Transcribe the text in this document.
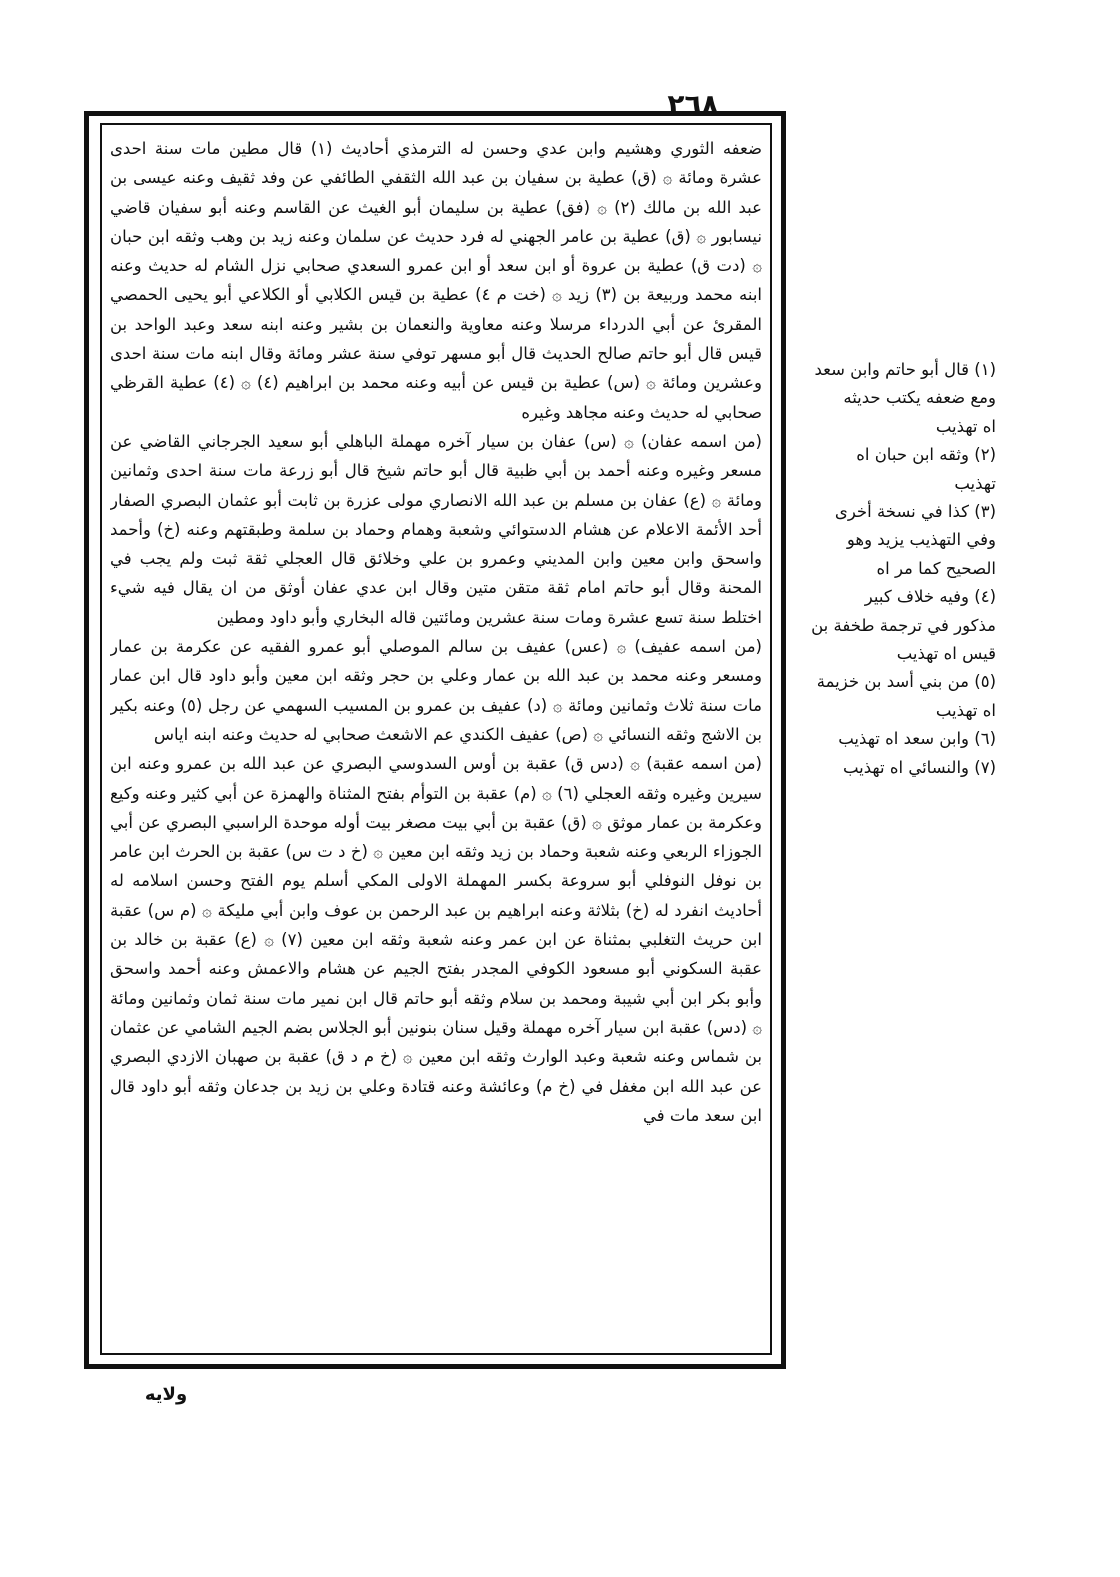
٢٦٨

ضعفه الثوري وهشيم وابن عدي وحسن له الترمذي أحاديث (١) قال مطين مات سنة احدى عشرة ومائة ۞ (ق) عطية بن سفيان بن عبد الله الثقفي الطائفي عن وفد ثقيف وعنه عيسى بن عبد الله بن مالك (٢) ۞ (فق) عطية بن سليمان أبو الغيث عن القاسم وعنه أبو سفيان قاضي نيسابور ۞ (ق) عطية بن عامر الجهني له فرد حديث عن سلمان وعنه زيد بن وهب وثقه ابن حبان ۞ (دت ق) عطية بن عروة أو ابن سعد أو ابن عمرو السعدي صحابي نزل الشام له حديث وعنه ابنه محمد وربيعة بن (٣) زيد ۞ (خت م ٤) عطية بن قيس الكلابي أو الكلاعي أبو يحيى الحمصي المقرئ عن أبي الدرداء مرسلا وعنه معاوية والنعمان بن بشير وعنه ابنه سعد وعبد الواحد بن قيس قال أبو حاتم صالح الحديث قال أبو مسهر توفي سنة عشر ومائة وقال ابنه مات سنة احدى وعشرين ومائة ۞ (س) عطية بن قيس عن أبيه وعنه محمد بن ابراهيم (٤) ۞ (٤) عطية القرظي صحابي له حديث وعنه مجاهد وغيره

(من اسمه عفان) ۞ (س) عفان بن سيار آخره مهملة الباهلي أبو سعيد الجرجاني القاضي عن مسعر وغيره وعنه أحمد بن أبي ظبية قال أبو حاتم شيخ قال أبو زرعة مات سنة احدى وثمانين ومائة ۞ (ع) عفان بن مسلم بن عبد الله الانصاري مولى عزرة بن ثابت أبو عثمان البصري الصفار أحد الأئمة الاعلام عن هشام الدستوائي وشعبة وهمام وحماد بن سلمة وطبقتهم وعنه (خ) وأحمد واسحق وابن معين وابن المديني وعمرو بن علي وخلائق قال العجلي ثقة ثبت ولم يجب في المحنة وقال أبو حاتم امام ثقة متقن متين وقال ابن عدي عفان أوثق من ان يقال فيه شيء اختلط سنة تسع عشرة ومات سنة عشرين ومائتين قاله البخاري وأبو داود ومطين

(من اسمه عفيف) ۞ (عس) عفيف بن سالم الموصلي أبو عمرو الفقيه عن عكرمة بن عمار ومسعر وعنه محمد بن عبد الله بن عمار وعلي بن حجر وثقه ابن معين وأبو داود قال ابن عمار مات سنة ثلاث وثمانين ومائة ۞ (د) عفيف بن عمرو بن المسيب السهمي عن رجل (٥) وعنه بكير بن الاشج وثقه النسائي ۞ (ص) عفيف الكندي عم الاشعث صحابي له حديث وعنه ابنه اياس

(من اسمه عقبة) ۞ (دس ق) عقبة بن أوس السدوسي البصري عن عبد الله بن عمرو وعنه ابن سيرين وغيره وثقه العجلي (٦) ۞ (م) عقبة بن التوأم بفتح المثناة والهمزة عن أبي كثير وعنه وكيع وعكرمة بن عمار موثق ۞ (ق) عقبة بن أبي بيت مصغر بيت أوله موحدة الراسبي البصري عن أبي الجوزاء الربعي وعنه شعبة وحماد بن زيد وثقه ابن معين ۞ (خ د ت س) عقبة بن الحرث ابن عامر بن نوفل النوفلي أبو سروعة بكسر المهملة الاولى المكي أسلم يوم الفتح وحسن اسلامه له أحاديث انفرد له (خ) بثلاثة وعنه ابراهيم بن عبد الرحمن بن عوف وابن أبي مليكة ۞ (م س) عقبة ابن حريث التغلبي بمثناة عن ابن عمر وعنه شعبة وثقه ابن معين (٧) ۞ (ع) عقبة بن خالد بن عقبة السكوني أبو مسعود الكوفي المجدر بفتح الجيم عن هشام والاعمش وعنه أحمد واسحق وأبو بكر ابن أبي شيبة ومحمد بن سلام وثقه أبو حاتم قال ابن نمير مات سنة ثمان وثمانين ومائة ۞ (دس) عقبة ابن سيار آخره مهملة وقيل سنان بنونين أبو الجلاس بضم الجيم الشامي عن عثمان بن شماس وعنه شعبة وعبد الوارث وثقه ابن معين ۞ (خ م د ق) عقبة بن صهبان الازدي البصري عن عبد الله ابن مغفل في (خ م) وعائشة وعنه قتادة وعلي بن زيد بن جدعان وثقه أبو داود قال ابن سعد مات في

(١) قال أبو حاتم وابن سعد
ومع ضعفه يكتب حديثه
اه تهذيب
(٢) وثقه ابن حبان اه
تهذيب
(٣) كذا في نسخة أخرى
وفي التهذيب يزيد وهو
الصحيح كما مر اه
(٤) وفيه خلاف كبير
مذكور في ترجمة طخفة بن
قيس اه تهذيب
(٥) من بني أسد بن خزيمة
اه تهذيب
(٦) وابن سعد اه تهذيب
(٧) والنسائي اه تهذيب
ولايه
